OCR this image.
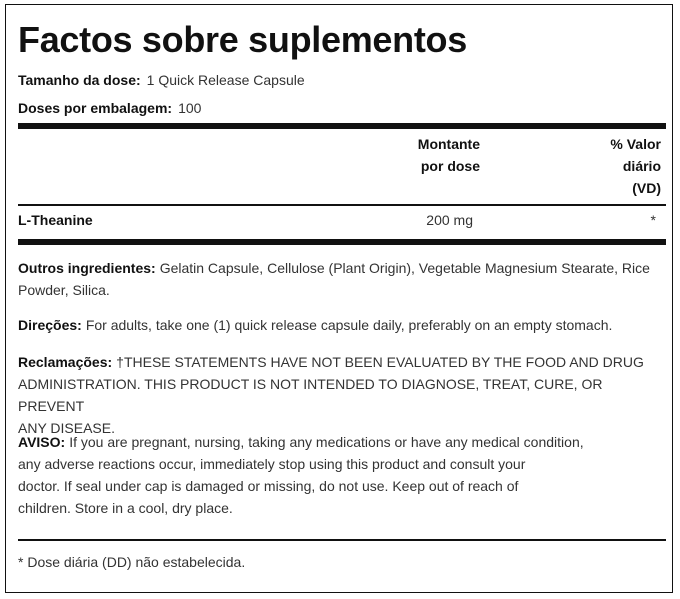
Factos sobre suplementos
Tamanho da dose: 1 Quick Release Capsule
Doses por embalagem: 100
Montante
por dose
% Valor
diário
(VD)
L-Theanine	200 mg	*
Outros ingredientes: Gelatin Capsule, Cellulose (Plant Origin), Vegetable Magnesium Stearate, Rice
Powder, Silica.
Direções: For adults, take one (1) quick release capsule daily, preferably on an empty stomach.
Reclamações: †THESE STATEMENTS HAVE NOT BEEN EVALUATED BY THE FOOD AND DRUG
ADMINISTRATION. THIS PRODUCT IS NOT INTENDED TO DIAGNOSE, TREAT, CURE, OR PREVENT
ANY DISEASE.
AVISO: If you are pregnant, nursing, taking any medications or have any medical condition,
any adverse reactions occur, immediately stop using this product and consult your
doctor. If seal under cap is damaged or missing, do not use. Keep out of reach of
children. Store in a cool, dry place.
* Dose diária (DD) não estabelecida.
